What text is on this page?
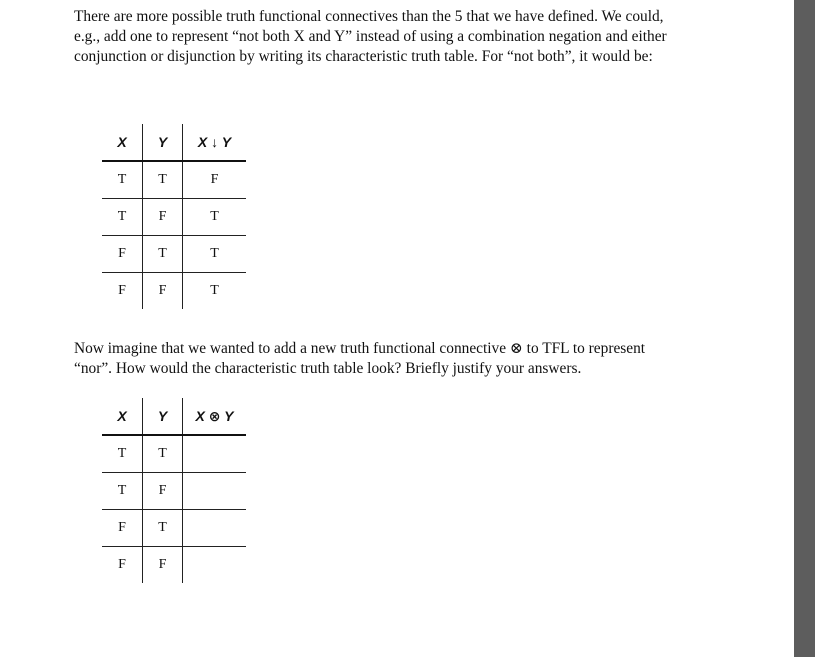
There are more possible truth functional connectives than the 5 that we have defined. We could,
e.g., add one to represent “not both X and Y” instead of using a combination negation and either
conjunction or disjunction by writing its characteristic truth table. For “not both”, it would be:
X	Y	X ↓ Y
T	T	F
T	F	T
F	T	T
F	F	T
Now imagine that we wanted to add a new truth functional connective ⊗ to TFL to represent
“nor”. How would the characteristic truth table look? Briefly justify your answers.
X	Y	X ⊗ Y
T	T	
T	F	
F	T	
F	F	
